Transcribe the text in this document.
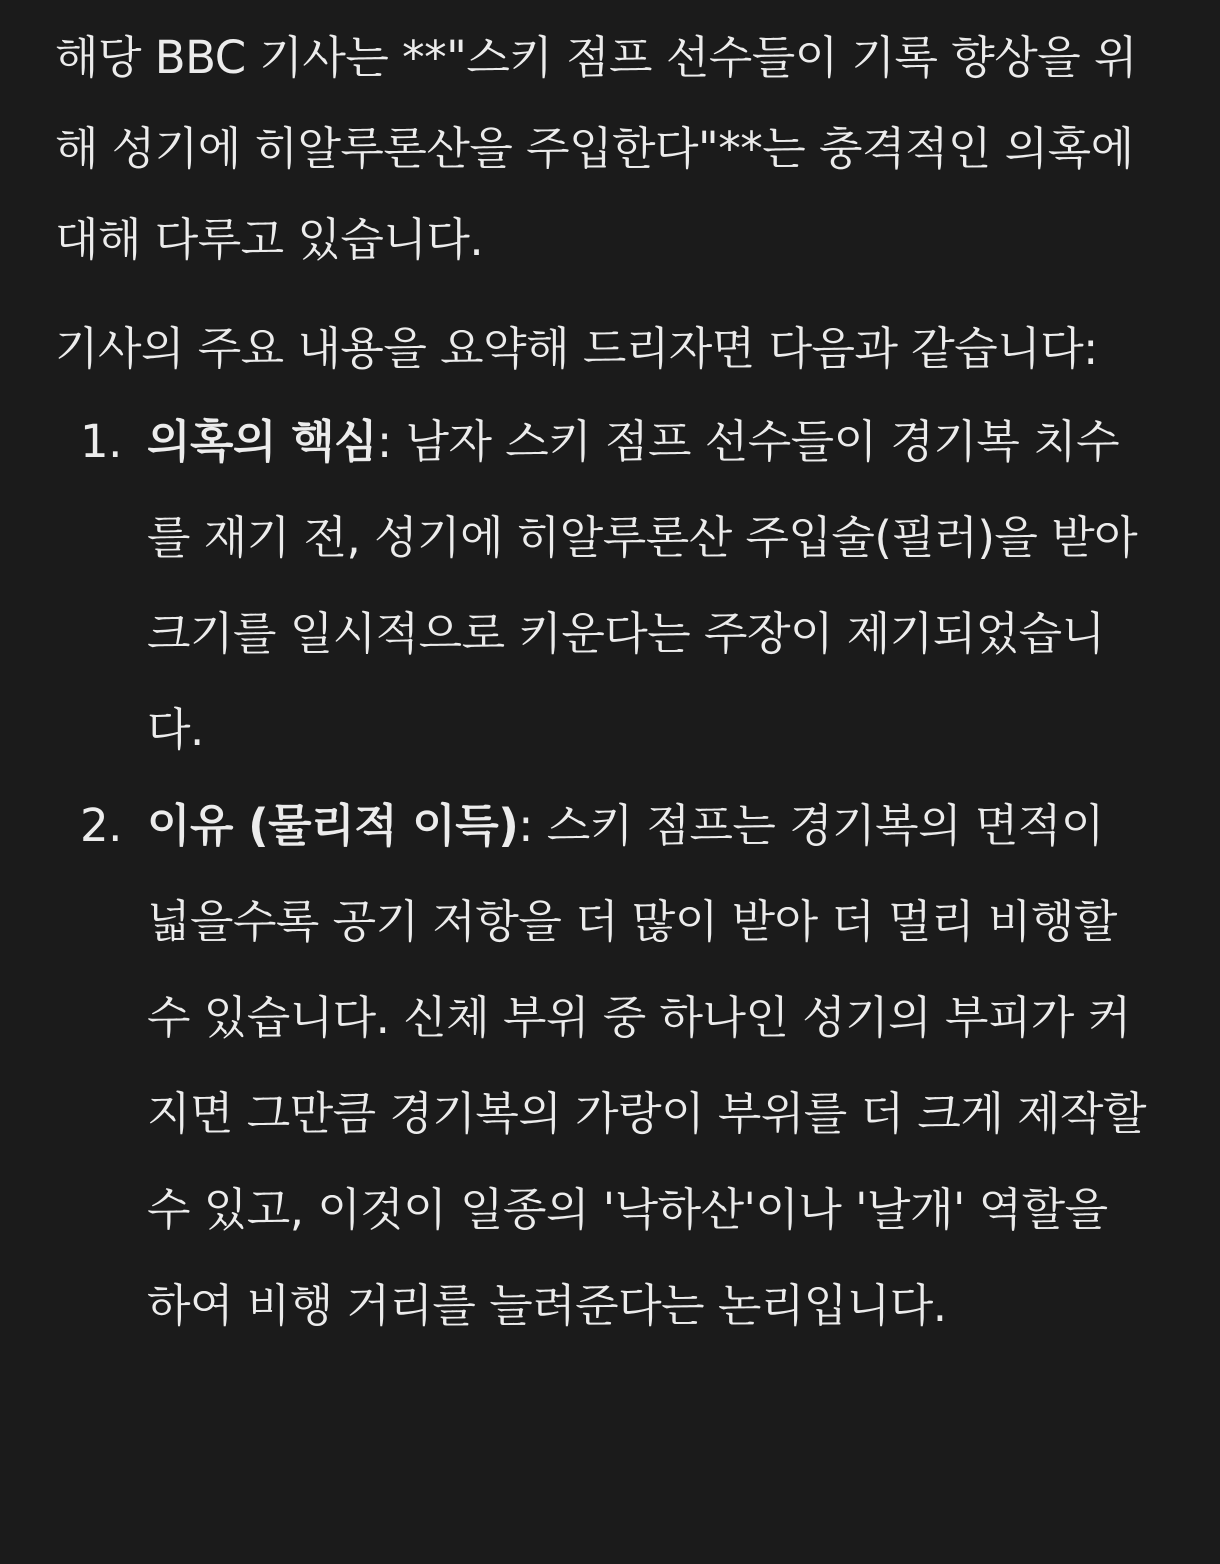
해당 BBC 기사는 **"스키 점프 선수들이 기록 향상을 위해 성기에 히알루론산을 주입한다"**는 충격적인 의혹에 대해 다루고 있습니다.

기사의 주요 내용을 요약해 드리자면 다음과 같습니다:

1. 의혹의 핵심: 남자 스키 점프 선수들이 경기복 치수를 재기 전, 성기에 히알루론산 주입술(필러)을 받아 크기를 일시적으로 키운다는 주장이 제기되었습니다.
2. 이유 (물리적 이득): 스키 점프는 경기복의 면적이 넓을수록 공기 저항을 더 많이 받아 더 멀리 비행할 수 있습니다. 신체 부위 중 하나인 성기의 부피가 커지면 그만큼 경기복의 가랑이 부위를 더 크게 제작할 수 있고, 이것이 일종의 '낙하산'이나 '날개' 역할을 하여 비행 거리를 늘려준다는 논리입니다.
